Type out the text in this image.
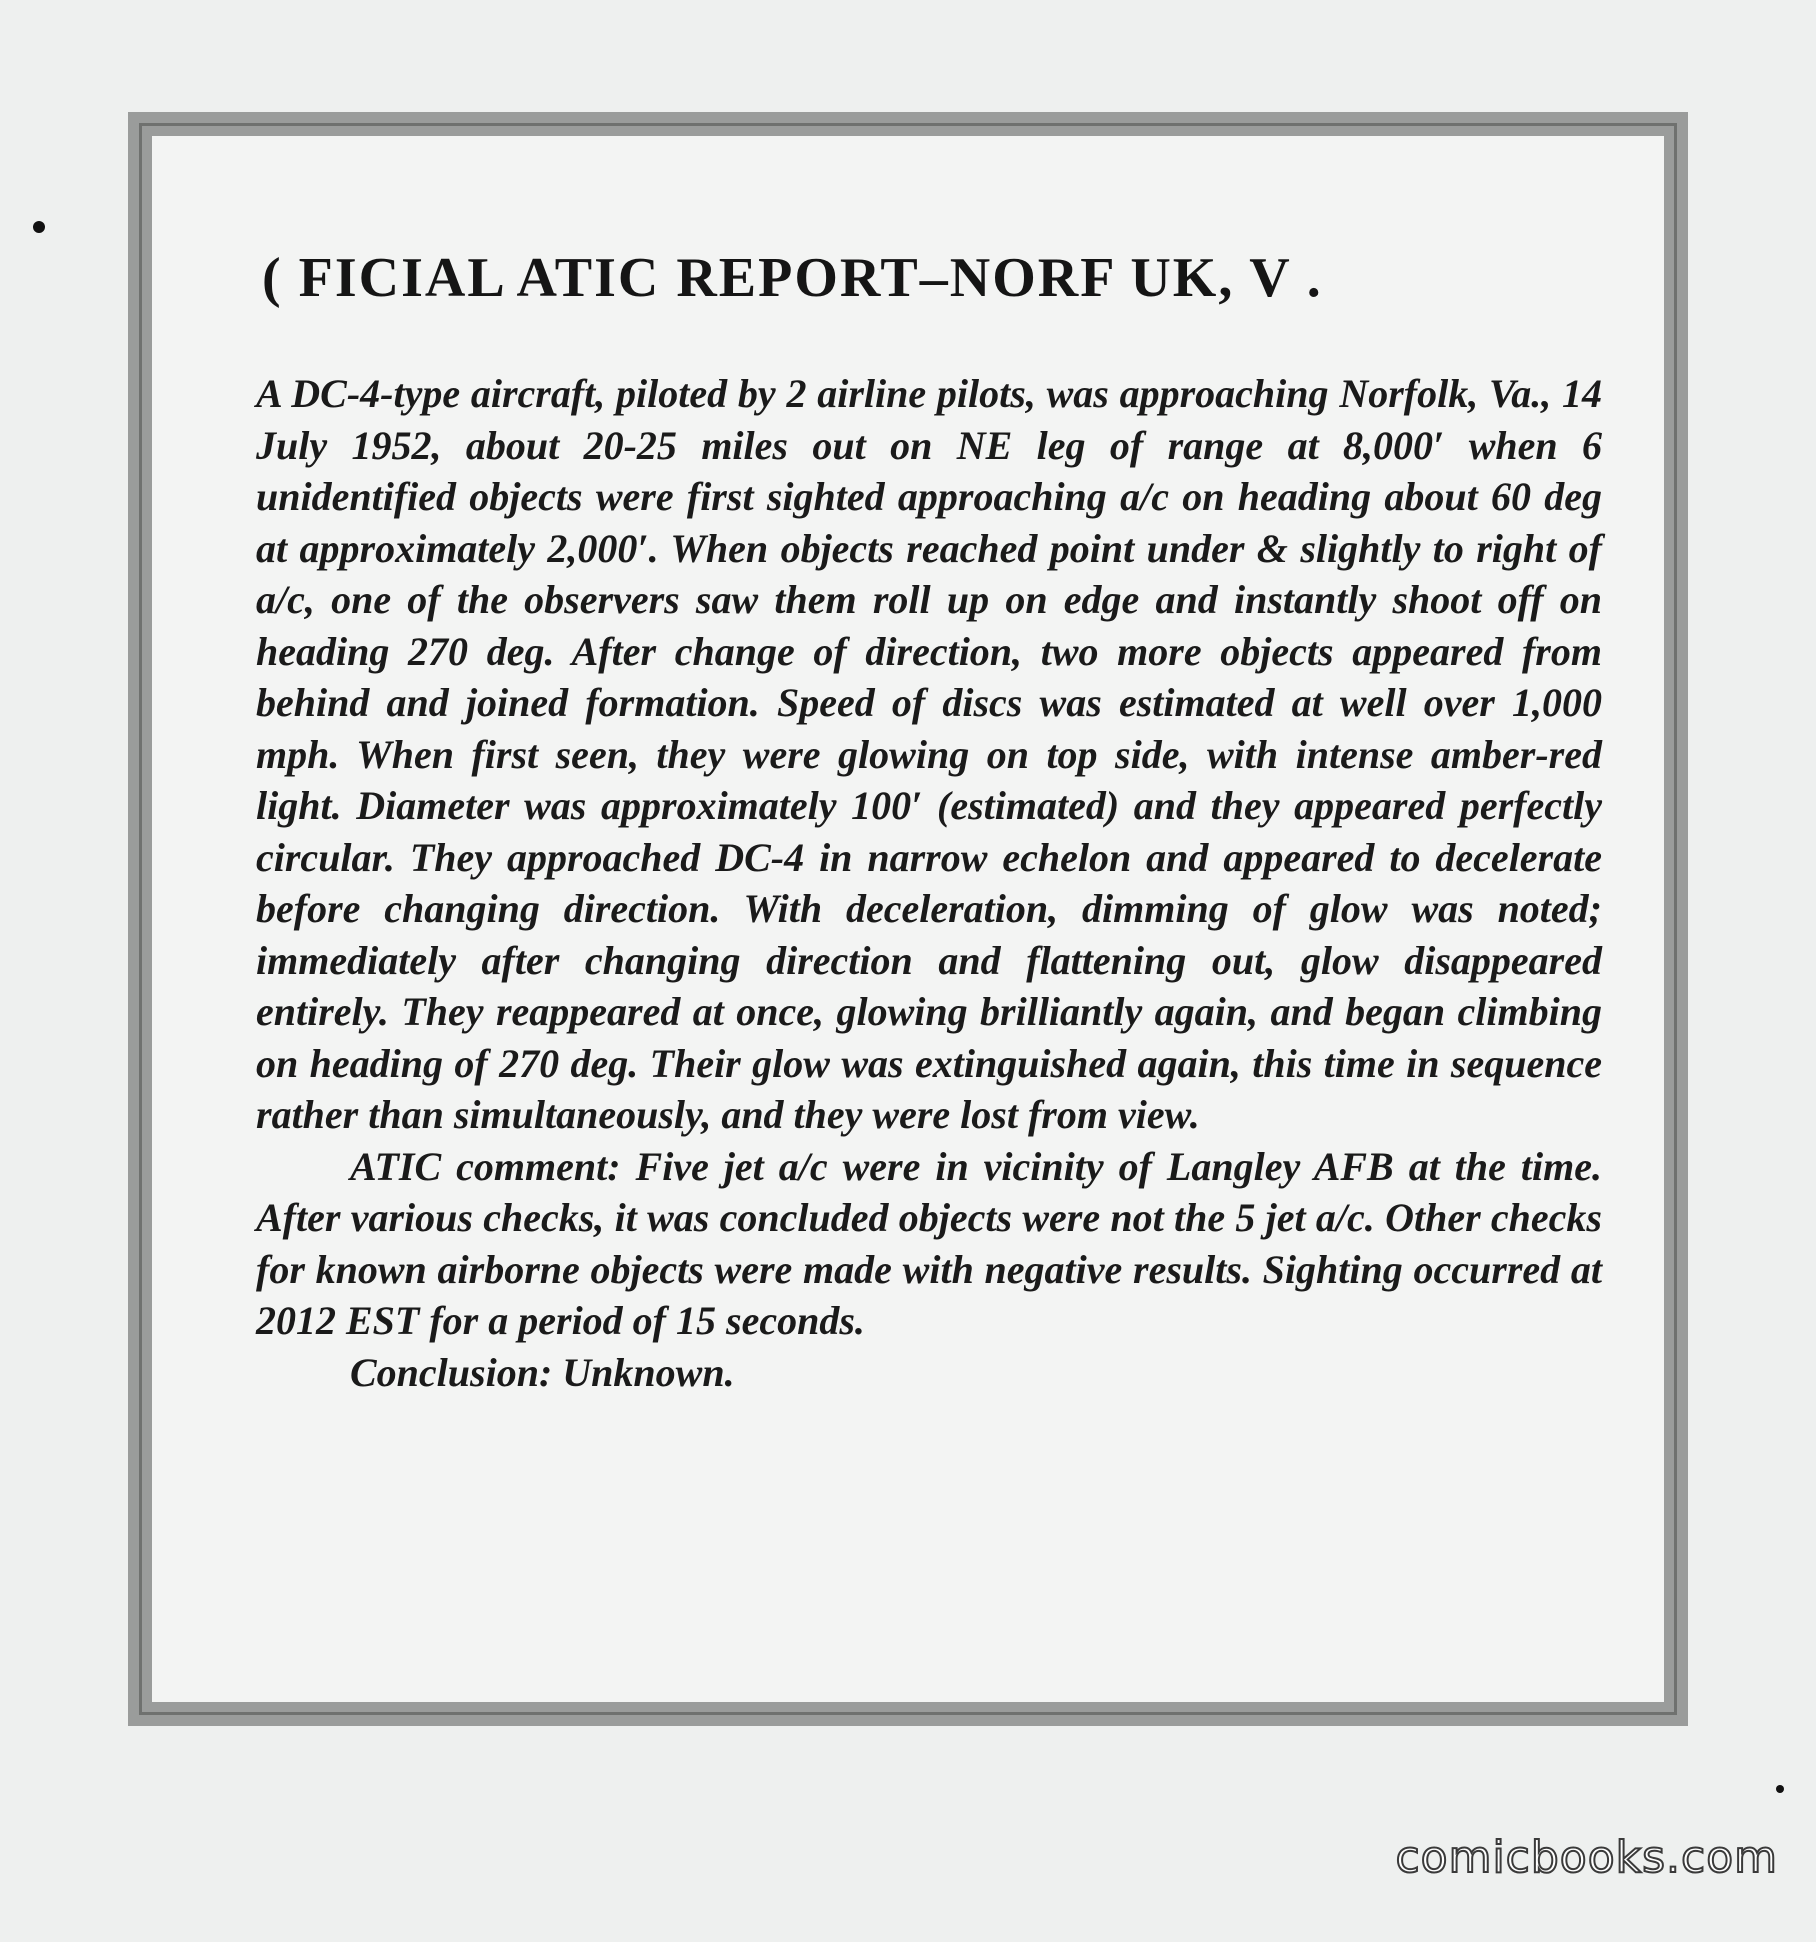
( FICIAL ATIC REPORT–NORF UK, V .

A DC-4-type aircraft, piloted by 2 airline pilots, was approaching Norfolk, Va., 14 July 1952, about 20-25 miles out on NE leg of range at 8,000′ when 6 unidentified objects were first sighted approaching a/c on heading about 60 deg at approximately 2,000′. When objects reached point under & slightly to right of a/c, one of the observers saw them roll up on edge and instantly shoot off on heading 270 deg. After change of direction, two more objects appeared from behind and joined formation. Speed of discs was estimated at well over 1,000 mph. When first seen, they were glowing on top side, with intense amber-red light. Diameter was approximately 100′ (estimated) and they appeared perfectly circular. They approached DC-4 in narrow echelon and appeared to decelerate before changing direction. With deceleration, dimming of glow was noted; immediately after changing direction and flattening out, glow disappeared entirely. They reappeared at once, glowing brilliantly again, and began climbing on heading of 270 deg. Their glow was extinguished again, this time in sequence rather than simultaneously, and they were lost from view.

ATIC comment: Five jet a/c were in vicinity of Langley AFB at the time. After various checks, it was concluded objects were not the 5 jet a/c. Other checks for known airborne objects were made with negative results. Sighting occurred at 2012 EST for a period of 15 seconds.

Conclusion: Unknown.

comicbooks.com
